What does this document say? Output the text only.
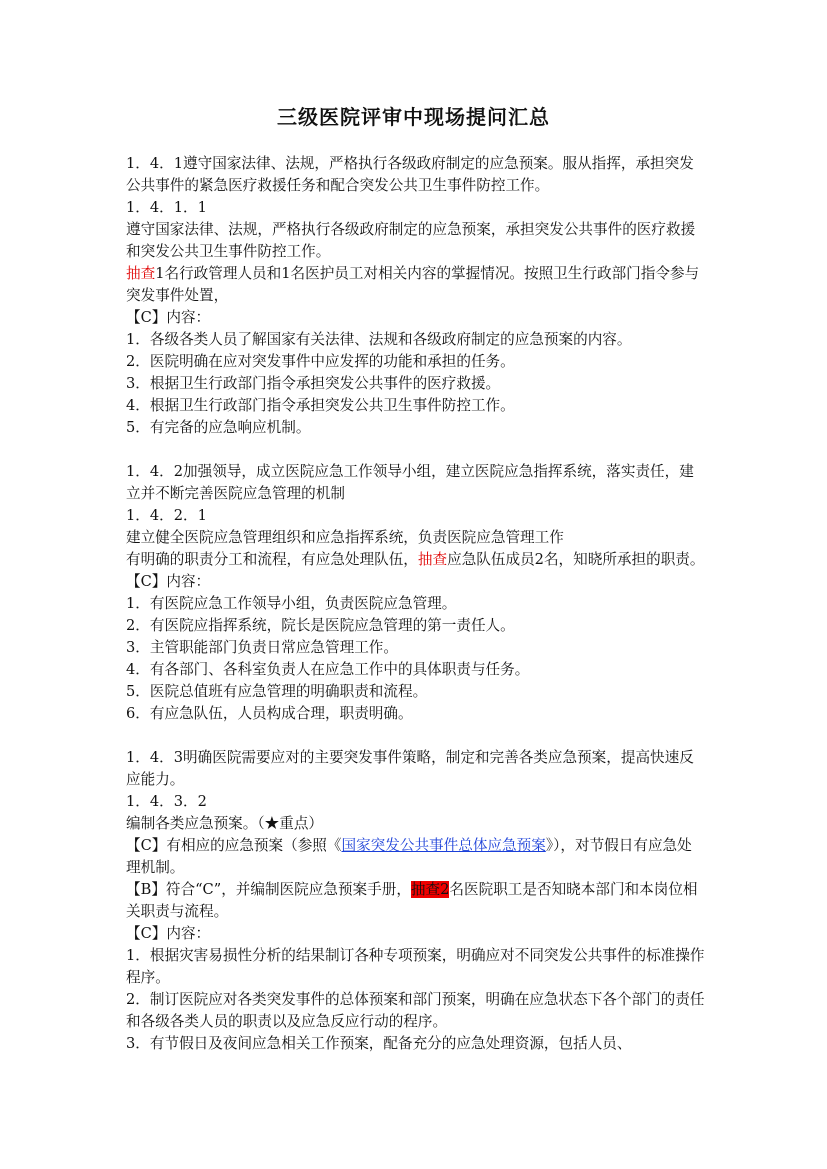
三级医院评审中现场提问汇总

1．4．1遵守国家法律、法规，严格执行各级政府制定的应急预案。服从指挥，承担突发公共事件的紧急医疗救援任务和配合突发公共卫生事件防控工作。

1．4．1．1

遵守国家法律、法规，严格执行各级政府制定的应急预案，承担突发公共事件的医疗救援和突发公共卫生事件防控工作。

抽查1名行政管理人员和1名医护员工对相关内容的掌握情况。按照卫生行政部门指令参与突发事件处置，

【C】内容：

1．各级各类人员了解国家有关法律、法规和各级政府制定的应急预案的内容。

2．医院明确在应对突发事件中应发挥的功能和承担的任务。

3．根据卫生行政部门指令承担突发公共事件的医疗救援。

4．根据卫生行政部门指令承担突发公共卫生事件防控工作。

5．有完备的应急响应机制。

1．4．2加强领导，成立医院应急工作领导小组，建立医院应急指挥系统，落实责任，建立并不断完善医院应急管理的机制

1．4．2．1

建立健全医院应急管理组织和应急指挥系统，负责医院应急管理工作

有明确的职责分工和流程，有应急处理队伍，抽查应急队伍成员2名，知晓所承担的职责。

【C】内容：

1．有医院应急工作领导小组，负责医院应急管理。

2．有医院应指挥系统，院长是医院应急管理的第一责任人。

3．主管职能部门负责日常应急管理工作。

4．有各部门、各科室负责人在应急工作中的具体职责与任务。

5．医院总值班有应急管理的明确职责和流程。

6．有应急队伍，人员构成合理，职责明确。

1．4．3明确医院需要应对的主要突发事件策略，制定和完善各类应急预案，提高快速反应能力。

1．4．3．2

编制各类应急预案。（★重点）

【C】有相应的应急预案（参照《国家突发公共事件总体应急预案》），对节假日有应急处理机制。

【B】符合“C”，并编制医院应急预案手册，抽查2名医院职工是否知晓本部门和本岗位相关职责与流程。

【C】内容：

1．根据灾害易损性分析的结果制订各种专项预案，明确应对不同突发公共事件的标准操作程序。

2．制订医院应对各类突发事件的总体预案和部门预案，明确在应急状态下各个部门的责任和各级各类人员的职责以及应急反应行动的程序。

3．有节假日及夜间应急相关工作预案，配备充分的应急处理资源，包括人员、
